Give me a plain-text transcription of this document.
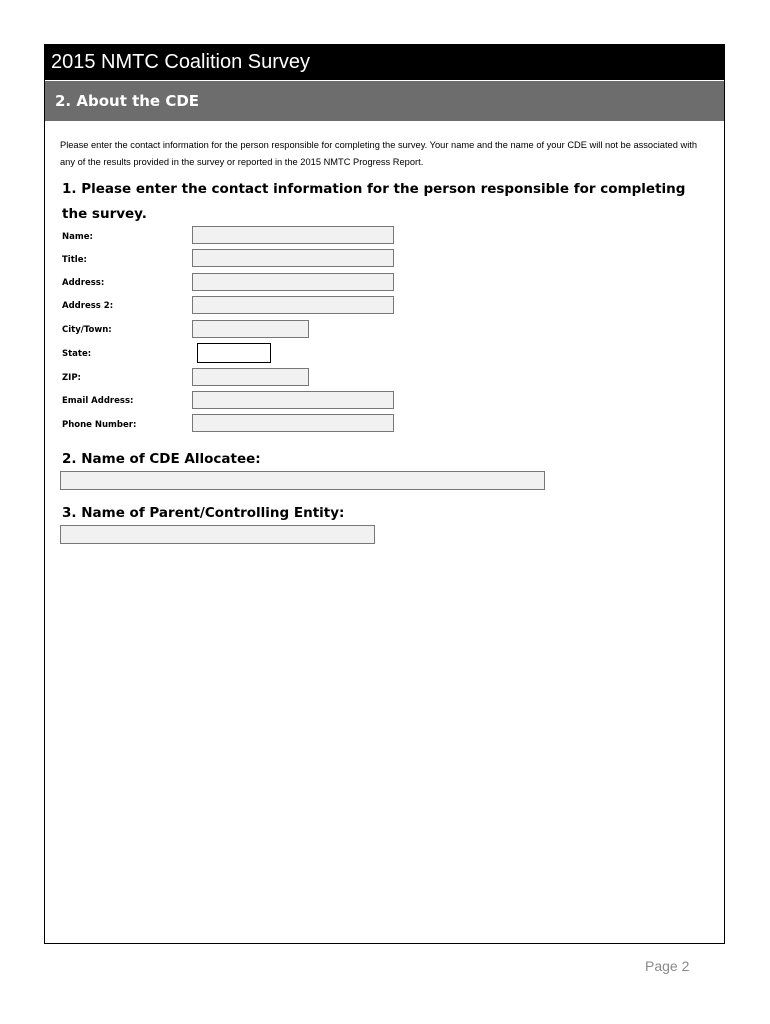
2015 NMTC Coalition Survey
2. About the CDE
Please enter the contact information for the person responsible for completing the survey. Your name and the name of your CDE will not be associated with any of the results provided in the survey or reported in the 2015 NMTC Progress Report.
1. Please enter the contact information for the person responsible for completing the survey.
Name:
Title:
Address:
Address 2:
City/Town:
State:
ZIP:
Email Address:
Phone Number:
2. Name of CDE Allocatee:
3. Name of Parent/Controlling Entity:
Page 2
